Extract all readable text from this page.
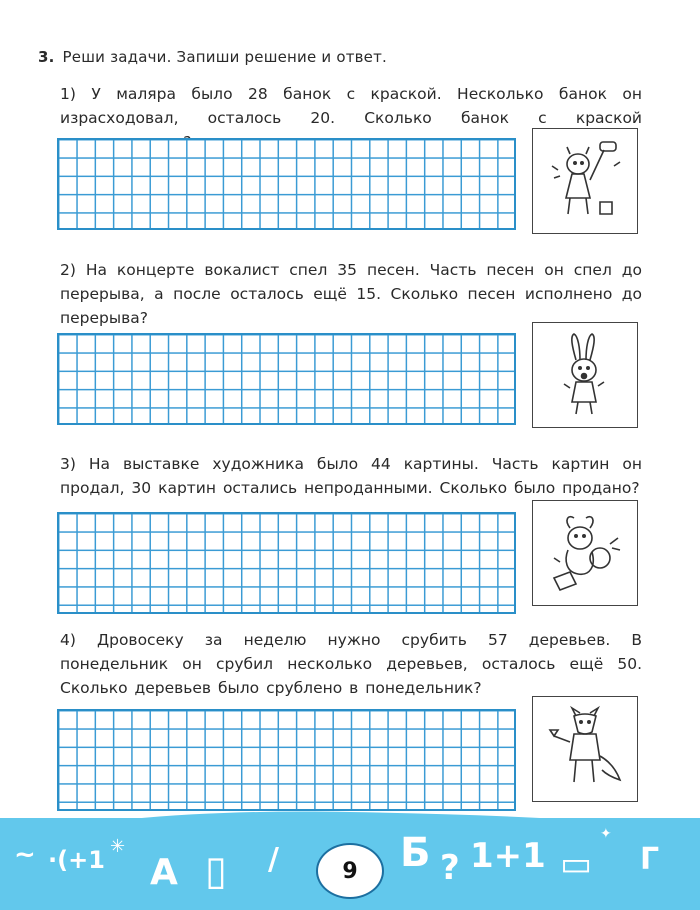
3. Реши задачи. Запиши решение и ответ.
1) У маляра было 28 банок с краской. Несколько банок он израсходовал, осталось 20. Сколько банок с краской
2) На концерте вокалист спел 35 песен. Часть песен он спел до перерыва, а после осталось ещё 15. Сколько песен исполнено до перерыва?
3) На выставке художника было 44 картины. Часть картин он продал, 30 картин остались непроданными. Сколько было продано?
4) Дровосеку за неделю нужно срубить 57 деревьев. В понедельник он срубил несколько деревьев, осталось ещё 50. Сколько деревьев было срублено в понедельник?
~ ·(+1 ✳
А ▯ /	Б ? 1+1 ▭ Г
✦
9
